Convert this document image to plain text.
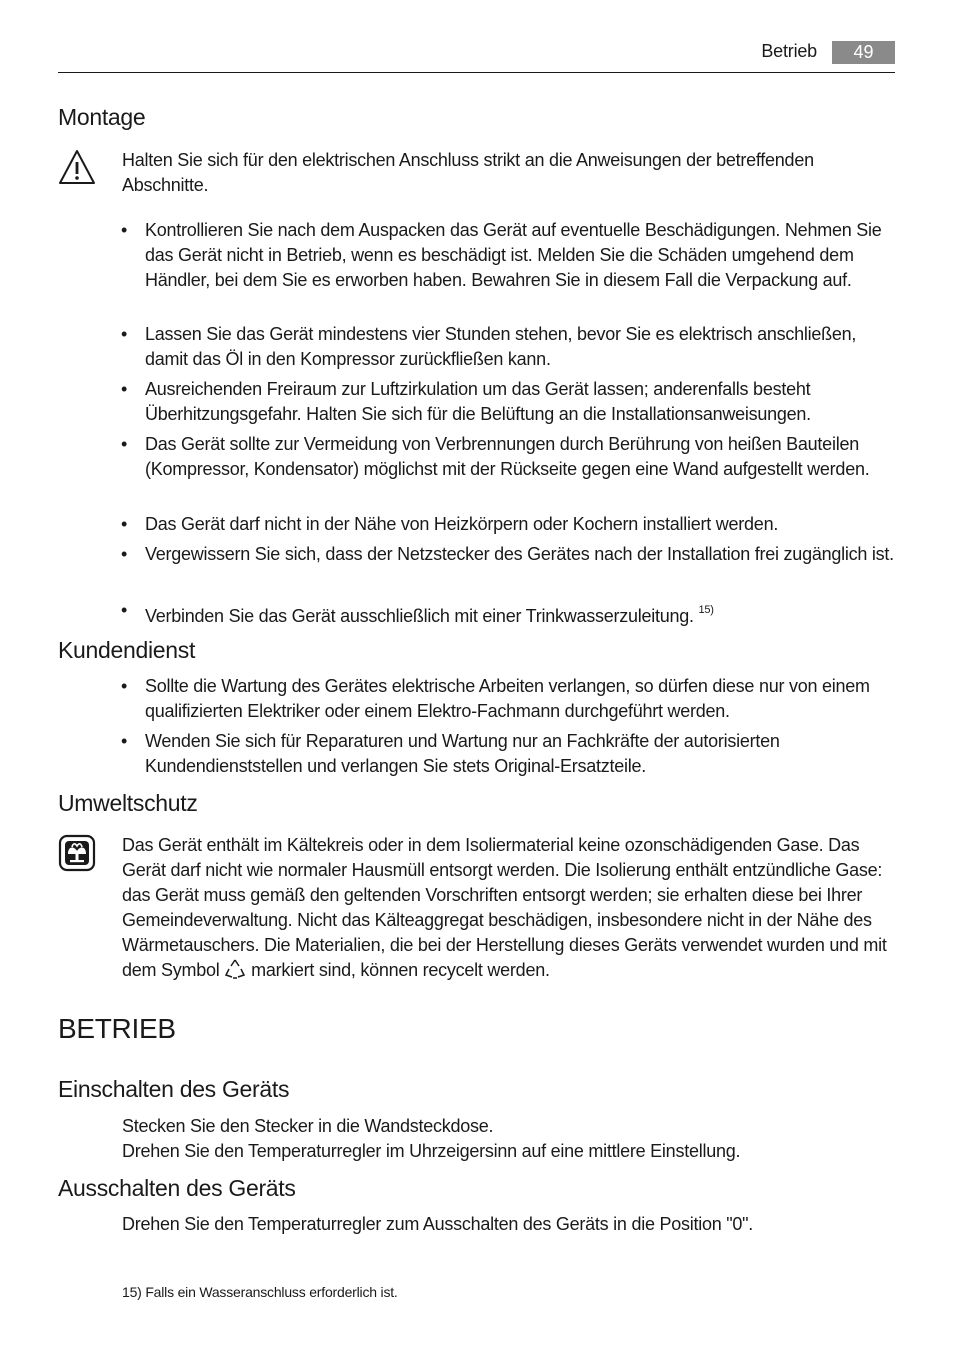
Betrieb	49
Montage
Halten Sie sich für den elektrischen Anschluss strikt an die Anweisungen der betreffenden Abschnitte.
• Kontrollieren Sie nach dem Auspacken das Gerät auf eventuelle Beschädigungen. Nehmen Sie das Gerät nicht in Betrieb, wenn es beschädigt ist. Melden Sie die Schäden umgehend dem Händler, bei dem Sie es erworben haben. Bewahren Sie in diesem Fall die Verpackung auf.
• Lassen Sie das Gerät mindestens vier Stunden stehen, bevor Sie es elektrisch anschließen, damit das Öl in den Kompressor zurückfließen kann.
• Ausreichenden Freiraum zur Luftzirkulation um das Gerät lassen; anderenfalls besteht Überhitzungsgefahr. Halten Sie sich für die Belüftung an die Installationsanweisungen.
• Das Gerät sollte zur Vermeidung von Verbrennungen durch Berührung von heißen Bauteilen (Kompressor, Kondensator) möglichst mit der Rückseite gegen eine Wand aufgestellt werden.
• Das Gerät darf nicht in der Nähe von Heizkörpern oder Kochern installiert werden.
• Vergewissern Sie sich, dass der Netzstecker des Gerätes nach der Installation frei zugänglich ist.
• Verbinden Sie das Gerät ausschließlich mit einer Trinkwasserzuleitung. $^{15)}$
Kundendienst
• Sollte die Wartung des Gerätes elektrische Arbeiten verlangen, so dürfen diese nur von einem qualifizierten Elektriker oder einem Elektro-Fachmann durchgeführt werden.
• Wenden Sie sich für Reparaturen und Wartung nur an Fachkräfte der autorisierten Kundendienststellen und verlangen Sie stets Original-Ersatzteile.
Umweltschutz
Das Gerät enthält im Kältekreis oder in dem Isoliermaterial keine ozonschädigenden Gase. Das Gerät darf nicht wie normaler Hausmüll entsorgt werden. Die Isolierung enthält entzündliche Gase: das Gerät muss gemäß den geltenden Vorschriften entsorgt werden; sie erhalten diese bei Ihrer Gemeindeverwaltung. Nicht das Kälteaggregat beschädigen, insbesondere nicht in der Nähe des Wärmetauschers. Die Materialien, die bei der Herstellung dieses Geräts verwendet wurden und mit dem Symbol markiert sind, können recycelt werden.
BETRIEB
Einschalten des Geräts
Stecken Sie den Stecker in die Wandsteckdose.
Drehen Sie den Temperaturregler im Uhrzeigersinn auf eine mittlere Einstellung.
Ausschalten des Geräts
Drehen Sie den Temperaturregler zum Ausschalten des Geräts in die Position "0".
15) Falls ein Wasseranschluss erforderlich ist.
